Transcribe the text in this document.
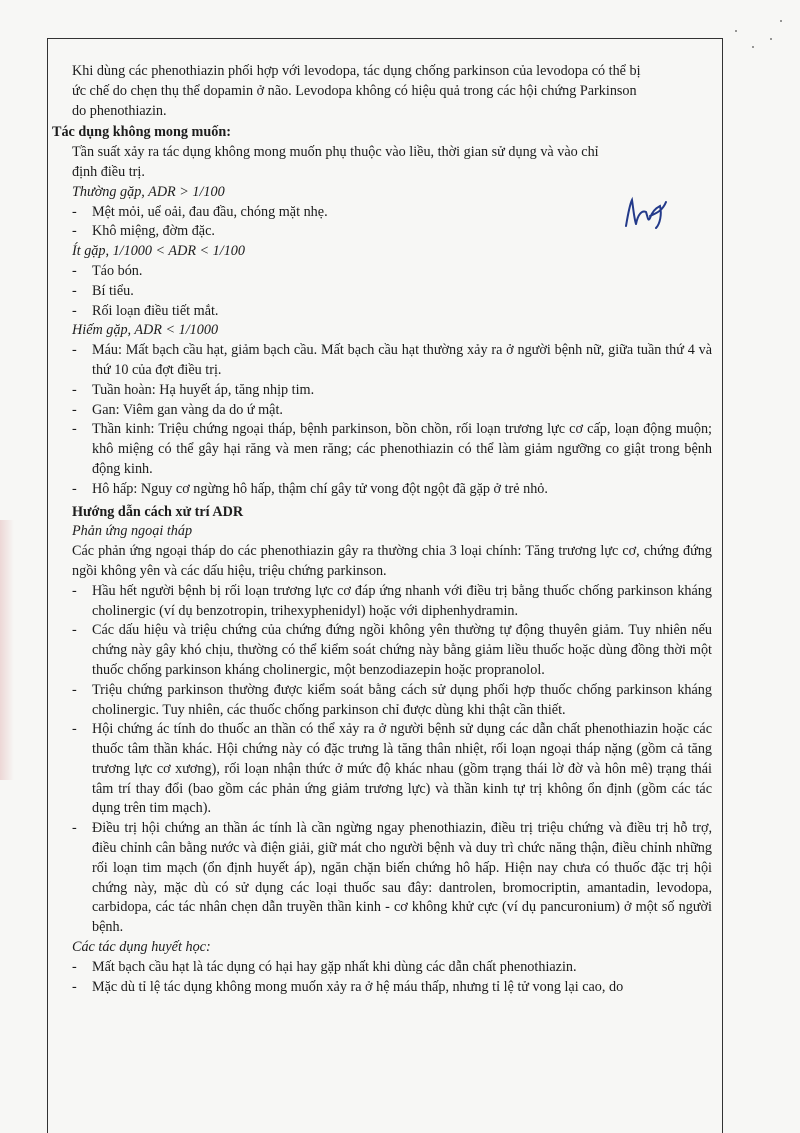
Khi dùng các phenothiazin phối hợp với levodopa, tác dụng chống parkinson của levodopa có thể bị

ức chế do chẹn thụ thể dopamin ở não. Levodopa không có hiệu quả trong các hội chứng Parkinson

do phenothiazin.

Tác dụng không mong muốn:

Tần suất xảy ra tác dụng không mong muốn phụ thuộc vào liều, thời gian sử dụng và vào chỉ

định điều trị.

Thường gặp, ADR > 1/100

- Mệt mỏi, uể oải, đau đầu, chóng mặt nhẹ.

- Khô miệng, đờm đặc.

Ít gặp, 1/1000 < ADR < 1/100

- Táo bón.

- Bí tiểu.

- Rối loạn điều tiết mắt.

Hiếm gặp, ADR < 1/1000

- Máu: Mất bạch cầu hạt, giảm bạch cầu. Mất bạch cầu hạt thường xảy ra ở người bệnh nữ, giữa tuần thứ 4 và thứ 10 của đợt điều trị.

- Tuần hoàn: Hạ huyết áp, tăng nhịp tim.

- Gan: Viêm gan vàng da do ứ mật.

- Thần kinh: Triệu chứng ngoại tháp, bệnh parkinson, bồn chồn, rối loạn trương lực cơ cấp, loạn động muộn; khô miệng có thể gây hại răng và men răng; các phenothiazin có thể làm giảm ngưỡng co giật trong bệnh động kinh.

- Hô hấp: Nguy cơ ngừng hô hấp, thậm chí gây tử vong đột ngột đã gặp ở trẻ nhỏ.

Hướng dẫn cách xử trí ADR

Phản ứng ngoại tháp

Các phản ứng ngoại tháp do các phenothiazin gây ra thường chia 3 loại chính: Tăng trương lực cơ, chứng đứng ngồi không yên và các dấu hiệu, triệu chứng parkinson.

- Hầu hết người bệnh bị rối loạn trương lực cơ đáp ứng nhanh với điều trị bằng thuốc chống parkinson kháng cholinergic (ví dụ benzotropin, trihexyphenidyl) hoặc với diphenhydramin.

- Các dấu hiệu và triệu chứng của chứng đứng ngồi không yên thường tự động thuyên giảm. Tuy nhiên nếu chứng này gây khó chịu, thường có thể kiểm soát chứng này bằng giảm liều thuốc hoặc dùng đồng thời một thuốc chống parkinson kháng cholinergic, một benzodiazepin hoặc propranolol.

- Triệu chứng parkinson thường được kiểm soát bằng cách sử dụng phối hợp thuốc chống parkinson kháng cholinergic. Tuy nhiên, các thuốc chống parkinson chỉ được dùng khi thật cần thiết.

- Hội chứng ác tính do thuốc an thần có thể xảy ra ở người bệnh sử dụng các dẫn chất phenothiazin hoặc các thuốc tâm thần khác. Hội chứng này có đặc trưng là tăng thân nhiệt, rối loạn ngoại tháp nặng (gồm cả tăng trương lực cơ xương), rối loạn nhận thức ở mức độ khác nhau (gồm trạng thái lờ đờ và hôn mê) trạng thái tâm trí thay đổi (bao gồm các phản ứng giảm trương lực) và thần kinh tự trị không ổn định (gồm các tác dụng trên tim mạch).

- Điều trị hội chứng an thần ác tính là cần ngừng ngay phenothiazin, điều trị triệu chứng và điều trị hỗ trợ, điều chỉnh cân bằng nước và điện giải, giữ mát cho người bệnh và duy trì chức năng thận, điều chỉnh những rối loạn tim mạch (ổn định huyết áp), ngăn chặn biến chứng hô hấp. Hiện nay chưa có thuốc đặc trị hội chứng này, mặc dù có sử dụng các loại thuốc sau đây: dantrolen, bromocriptin, amantadin, levodopa, carbidopa, các tác nhân chẹn dẫn truyền thần kinh - cơ không khử cực (ví dụ pancuronium) ở một số người bệnh.

Các tác dụng huyết học:

- Mất bạch cầu hạt là tác dụng có hại hay gặp nhất khi dùng các dẫn chất phenothiazin.

- Mặc dù tỉ lệ tác dụng không mong muốn xảy ra ở hệ máu thấp, nhưng tỉ lệ tử vong lại cao, do
